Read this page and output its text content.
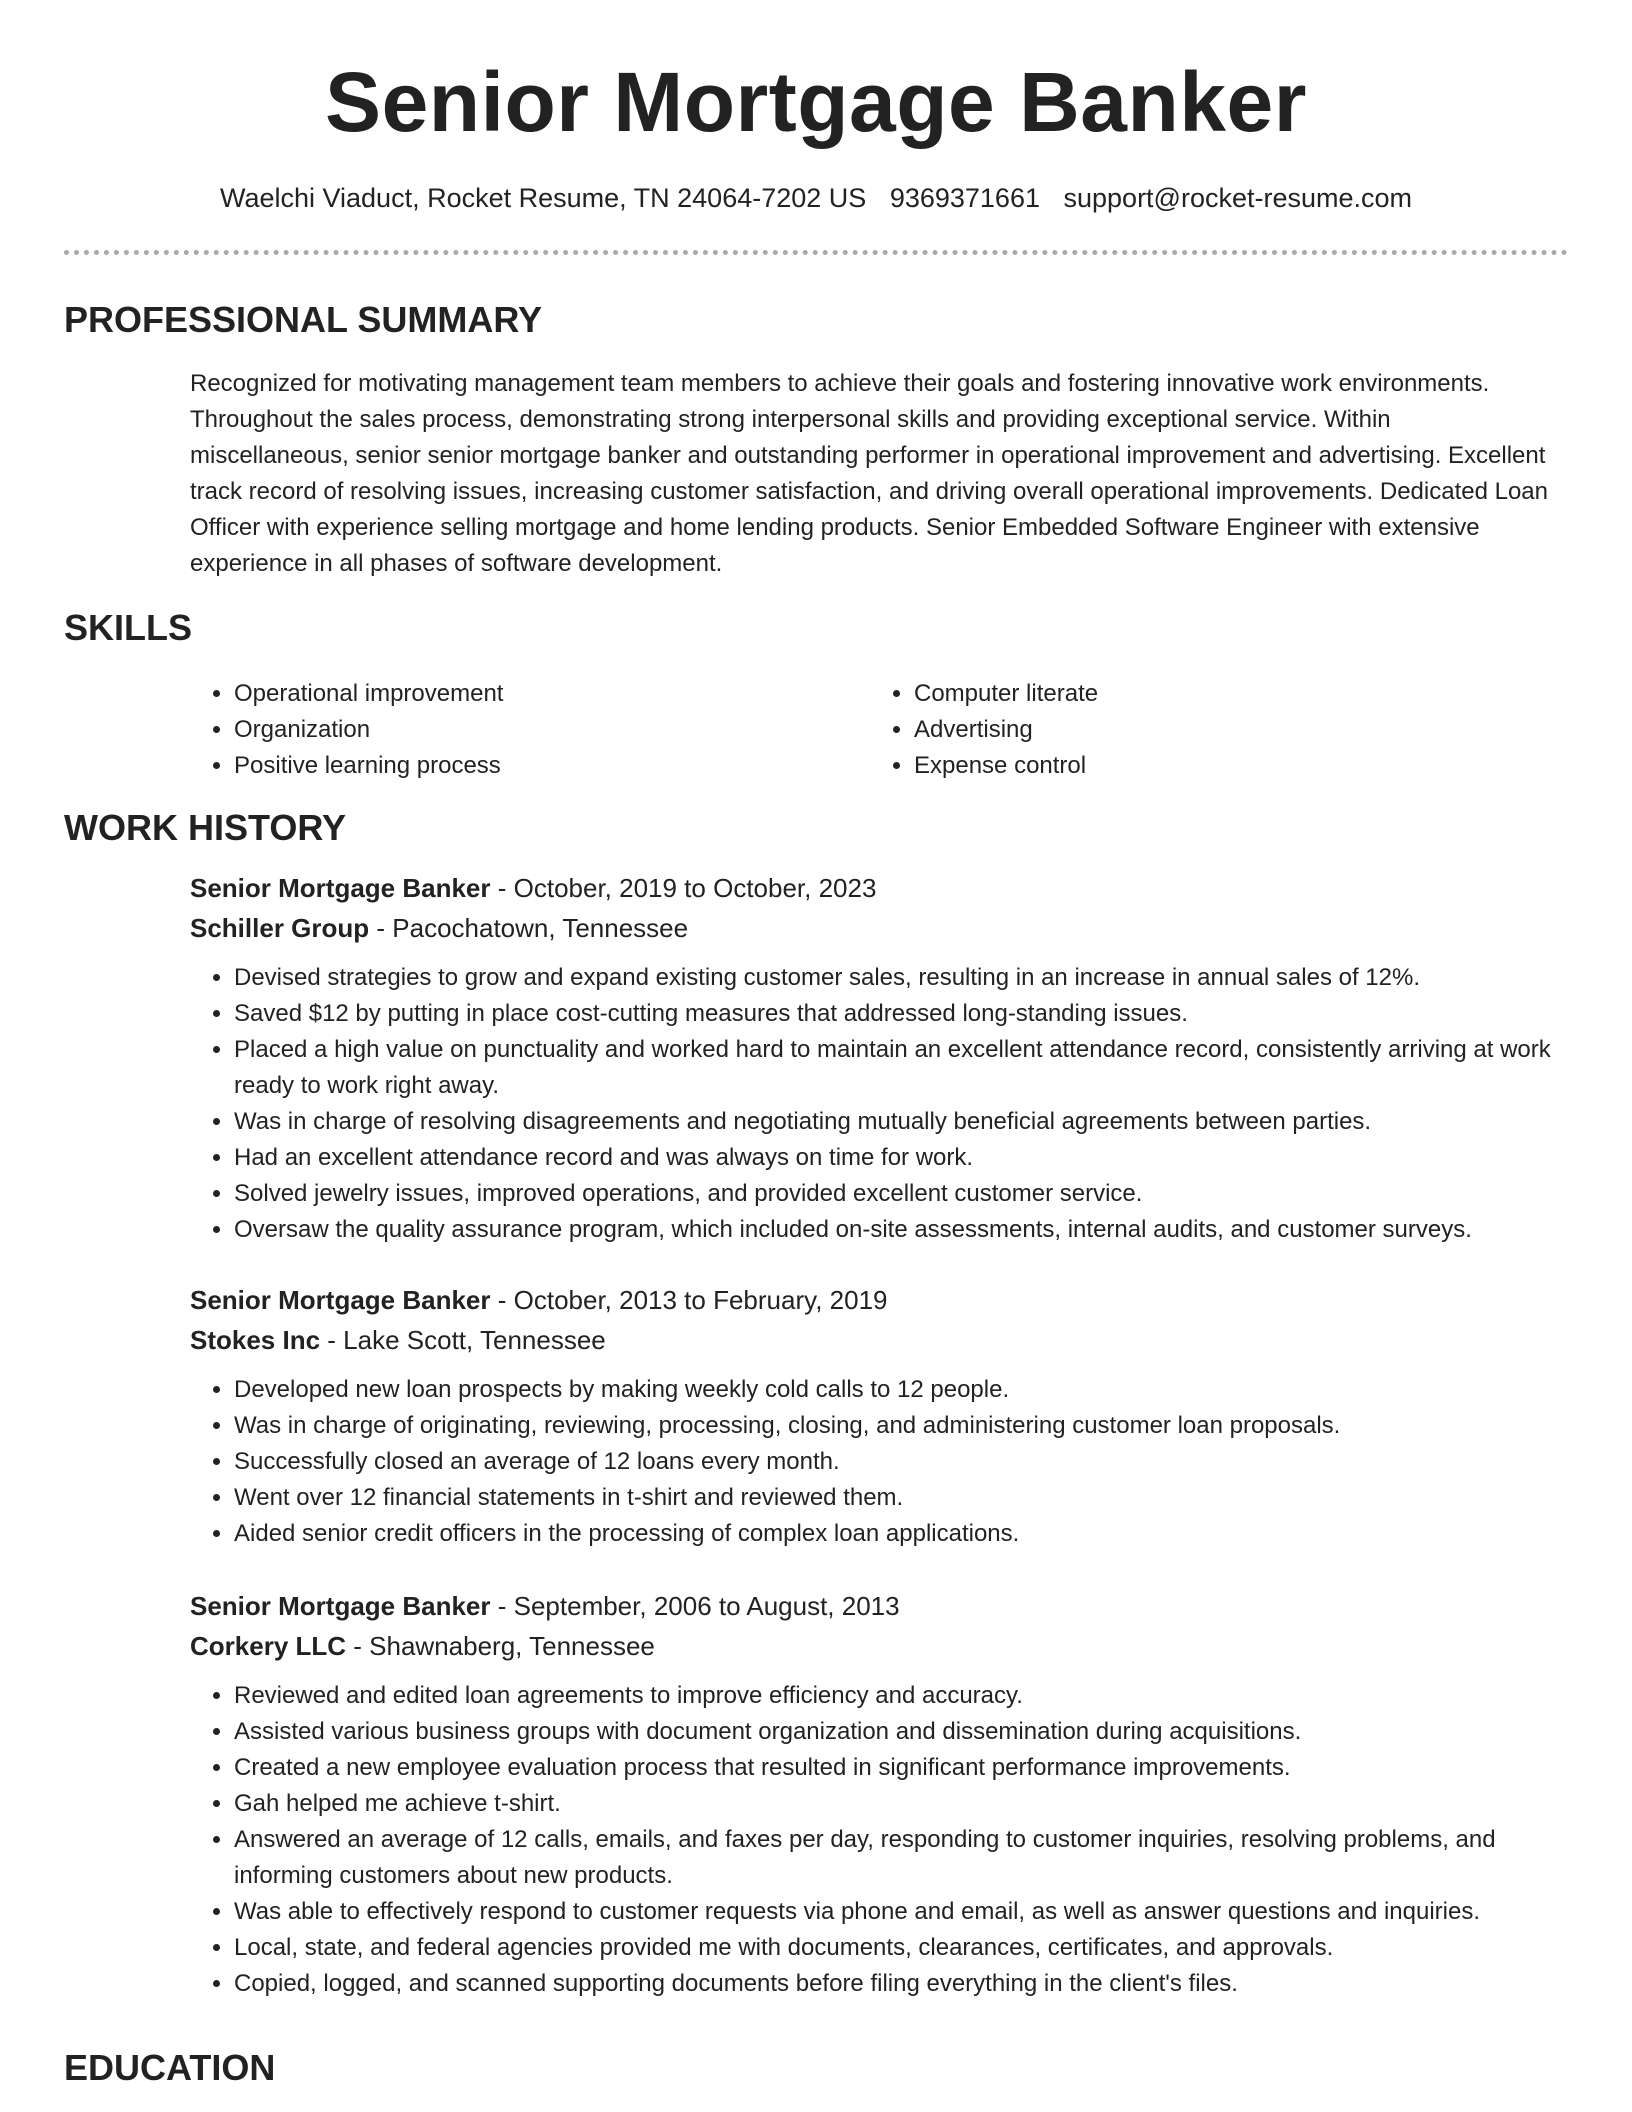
Senior Mortgage Banker
Waelchi Viaduct, Rocket Resume, TN 24064-7202 US 9369371661 support@rocket-resume.com
PROFESSIONAL SUMMARY

Recognized for motivating management team members to achieve their goals and fostering innovative work environments. Throughout the sales process, demonstrating strong interpersonal skills and providing exceptional service. Within miscellaneous, senior senior mortgage banker and outstanding performer in operational improvement and advertising. Excellent track record of resolving issues, increasing customer satisfaction, and driving overall operational improvements. Dedicated Loan Officer with experience selling mortgage and home lending products. Senior Embedded Software Engineer with extensive experience in all phases of software development.

SKILLS
• Operational improvement
• Organization
• Positive learning process
• Computer literate
• Advertising
• Expense control
WORK HISTORY

Senior Mortgage Banker - October, 2019 to October, 2023

Schiller Group - Pacochatown, Tennessee

• Devised strategies to grow and expand existing customer sales, resulting in an increase in annual sales of 12%.
• Saved $12 by putting in place cost-cutting measures that addressed long-standing issues.
• Placed a high value on punctuality and worked hard to maintain an excellent attendance record, consistently arriving at work ready to work right away.
• Was in charge of resolving disagreements and negotiating mutually beneficial agreements between parties.
• Had an excellent attendance record and was always on time for work.
• Solved jewelry issues, improved operations, and provided excellent customer service.
• Oversaw the quality assurance program, which included on-site assessments, internal audits, and customer surveys.

Senior Mortgage Banker - October, 2013 to February, 2019

Stokes Inc - Lake Scott, Tennessee

• Developed new loan prospects by making weekly cold calls to 12 people.
• Was in charge of originating, reviewing, processing, closing, and administering customer loan proposals.
• Successfully closed an average of 12 loans every month.
• Went over 12 financial statements in t-shirt and reviewed them.
• Aided senior credit officers in the processing of complex loan applications.

Senior Mortgage Banker - September, 2006 to August, 2013

Corkery LLC - Shawnaberg, Tennessee

• Reviewed and edited loan agreements to improve efficiency and accuracy.
• Assisted various business groups with document organization and dissemination during acquisitions.
• Created a new employee evaluation process that resulted in significant performance improvements.
• Gah helped me achieve t-shirt.
• Answered an average of 12 calls, emails, and faxes per day, responding to customer inquiries, resolving problems, and informing customers about new products.
• Was able to effectively respond to customer requests via phone and email, as well as answer questions and inquiries.
• Local, state, and federal agencies provided me with documents, clearances, certificates, and approvals.
• Copied, logged, and scanned supporting documents before filing everything in the client's files.
EDUCATION
